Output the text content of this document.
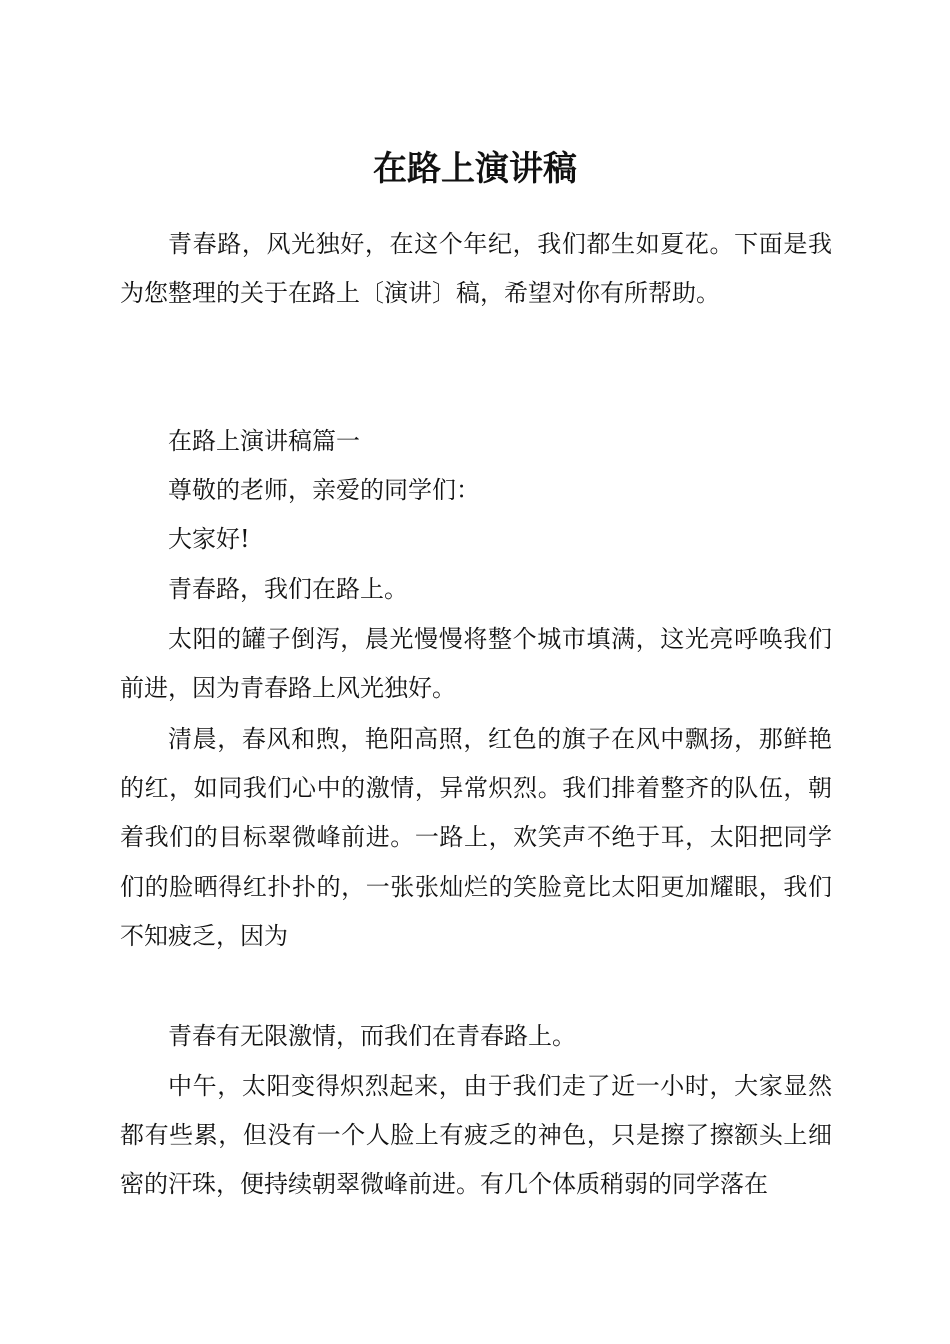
在路上演讲稿

青春路，风光独好，在这个年纪，我们都生如夏花。下面是我为您整理的关于在路上〔演讲〕稿，希望对你有所帮助。

在路上演讲稿篇一

尊敬的老师，亲爱的同学们：

大家好!

青春路，我们在路上。

太阳的罐子倒泻，晨光慢慢将整个城市填满，这光亮呼唤我们前进，因为青春路上风光独好。

清晨，春风和煦，艳阳高照，红色的旗子在风中飘扬，那鲜艳的红，如同我们心中的激情，异常炽烈。我们排着整齐的队伍，朝着我们的目标翠微峰前进。一路上，欢笑声不绝于耳，太阳把同学们的脸晒得红扑扑的，一张张灿烂的笑脸竟比太阳更加耀眼，我们不知疲乏，因为

青春有无限激情，而我们在青春路上。

中午，太阳变得炽烈起来，由于我们走了近一小时，大家显然都有些累，但没有一个人脸上有疲乏的神色，只是擦了擦额头上细密的汗珠，便持续朝翠微峰前进。有几个体质稍弱的同学落在
